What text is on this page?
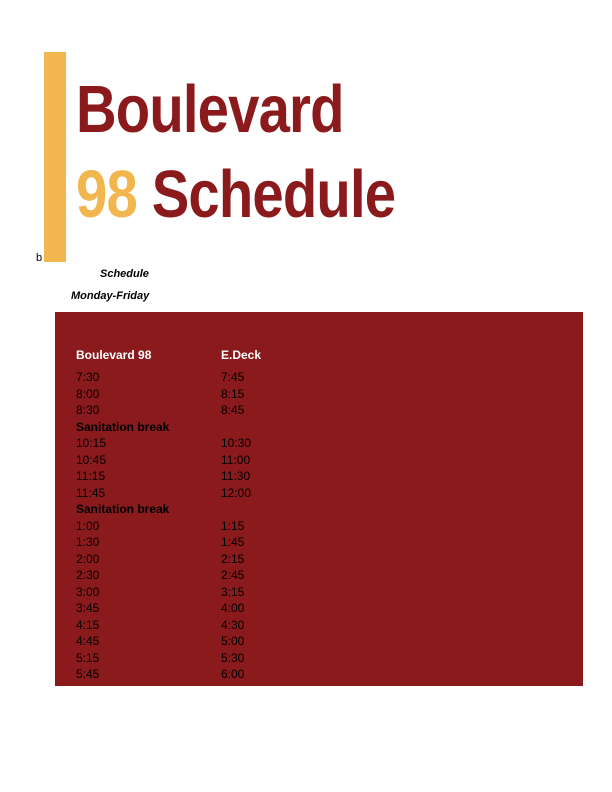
Boulevard
98 Schedule
b
Schedule
Monday-Friday
Boulevard 98	E.Deck
7:30	7:45
8:00	8:15
8:30	8:45
Sanitation break
10:15	10:30
10:45	11:00
11:15	11:30
11:45	12:00
Sanitation break
1:00	1:15
1:30	1:45
2:00	2:15
2:30	2:45
3:00	3:15
3:45	4:00
4:15	4:30
4:45	5:00
5:15	5:30
5:45	6:00
